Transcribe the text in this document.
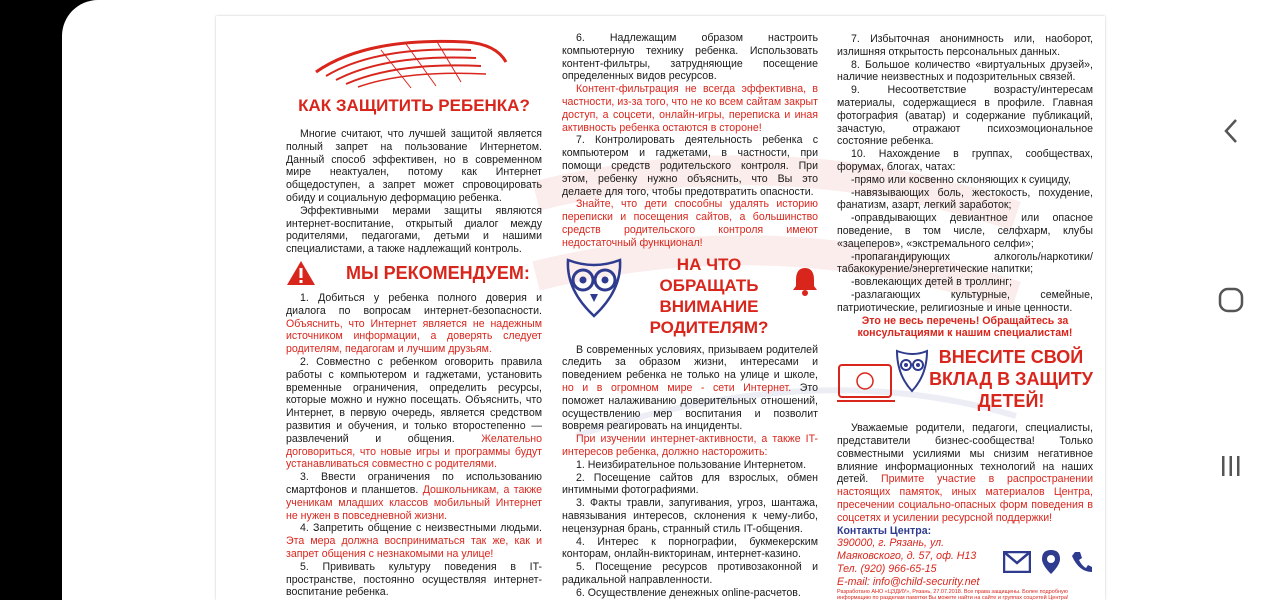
КАК ЗАЩИТИТЬ РЕБЕНКА?

Многие считают, что лучшей защитой является полный запрет на пользование Интернетом. Данный способ эффективен, но в современном мире неактуален, потому как Интернет общедоступен, а запрет может спровоцировать обиду и социальную деформацию ребенка.

Эффективными мерами защиты являются интернет-воспитание, открытый диалог между родителями, педагогами, детьми и нашими специалистами, а также надлежащий контроль.

МЫ РЕКОМЕНДУЕМ:

1. Добиться у ребенка полного доверия и диалога по вопросам интернет-безопасности. Объяснить, что Интернет является не надежным источником информации, а доверять следует родителям, педагогам и лучшим друзьям.

2. Совместно с ребенком оговорить правила работы с компьютером и гаджетами, установить временные ограничения, определить ресурсы, которые можно и нужно посещать. Объяснить, что Интернет, в первую очередь, является средством развития и обучения, и только второстепенно — развлечений и общения.	Желательно договориться, что новые игры и программы будут устанавливаться совместно с родителями.

3. Ввести ограничения по использованию смартфонов и планшетов. Дошкольникам, а также ученикам младших классов мобильный Интернет не нужен в повседневной жизни.

4. Запретить общение с неизвестными людьми. Эта мера должна восприниматься так же, как и запрет общения с незнакомыми на улице!

5. Прививать культуру поведения в IT-пространстве, постоянно осуществляя интернет-воспитание ребенка.

6. Надлежащим образом настроить компьютерную технику ребенка. Использовать контент-фильтры, затрудняющие посещение определенных видов ресурсов.

Контент-фильтрация не всегда эффективна, в частности, из-за того, что не ко всем сайтам закрыт доступ, а соцсети, онлайн-игры, переписка и иная активность ребенка остаются в стороне!

7. Контролировать деятельность ребенка с компьютером и гаджетами, в частности, при помощи средств родительского контроля. При этом, ребенку нужно объяснить, что Вы это делаете для того, чтобы предотвратить опасности.

Знайте, что дети способны удалять историю переписки и посещения сайтов, а большинство средств родительского контроля имеют недостаточный функционал!

НА ЧТО ОБРАЩАТЬ ВНИМАНИЕ РОДИТЕЛЯМ?

В современных условиях, призываем родителей следить за образом жизни, интересами и поведением ребенка не только на улице и школе, но и в огромном мире - сети Интернет. Это поможет налаживанию доверительных отношений, осуществлению мер воспитания и позволит вовремя реагировать на инциденты.

При изучении интернет-активности, а также IT-интересов ребенка, должно насторожить:

1. Неизбирательное пользование Интернетом.

2. Посещение сайтов для взрослых, обмен интимными фотографиями.

3. Факты травли, запугивания, угроз, шантажа, навязывания интересов, склонения к чему-либо, нецензурная брань, странный стиль IT-общения.

4. Интерес к порнографии, букмекерским конторам, онлайн-викторинам, интернет-казино.

5. Посещение ресурсов противозаконной и радикальной направленности.

6. Осуществление денежных online-расчетов.

7. Избыточная анонимность или, наоборот, излишняя открытость персональных данных.

8. Большое количество «виртуальных друзей», наличие неизвестных и подозрительных связей.

9. Несоответствие возрасту/интересам материалы, содержащиеся в профиле. Главная фотография (аватар) и содержание публикаций, зачастую, отражают психоэмоциональное состояние ребенка.

10. Нахождение в группах, сообществах, форумах, блогах, чатах:

-прямо или косвенно склоняющих к суициду,

-навязывающих боль, жестокость, похудение, фанатизм, азарт, легкий заработок;

-оправдывающих девиантное или опасное поведение, в том числе, селфхарм, клубы «зацеперов», «экстремального селфи»;

-пропагандирующих алкоголь/наркотики/табакокурение/энергетические напитки;

-вовлекающих детей в троллинг;

-разлагающих культурные, семейные, патриотические, религиозные и иные ценности.

Это не весь перечень! Обращайтесь за консультациями к нашим специалистам!

ВНЕСИТЕ СВОЙ ВКЛАД В ЗАЩИТУ ДЕТЕЙ!

Уважаемые родители, педагоги, специалисты, представители бизнес-сообщества! Только совместными усилиями мы снизим негативное влияние информационных технологий на наших детей. Примите участие в распространении настоящих памяток, иных материалов Центра, пресечении социально-опасных форм поведения в соцсетях и усилении ресурсной поддержки!

Контакты Центра:
390000, г. Рязань, ул. Маяковского, д. 57, оф. Н13
Тел. (920) 966-65-15
E-mail: info@child-security.net
Разработано АНО «ЦЗДИУ», Рязань, 27.07.2018. Все права защищены. Более подробную информацию по разделам памятки Вы можете найти на сайте и группах соцсетей Центра!
